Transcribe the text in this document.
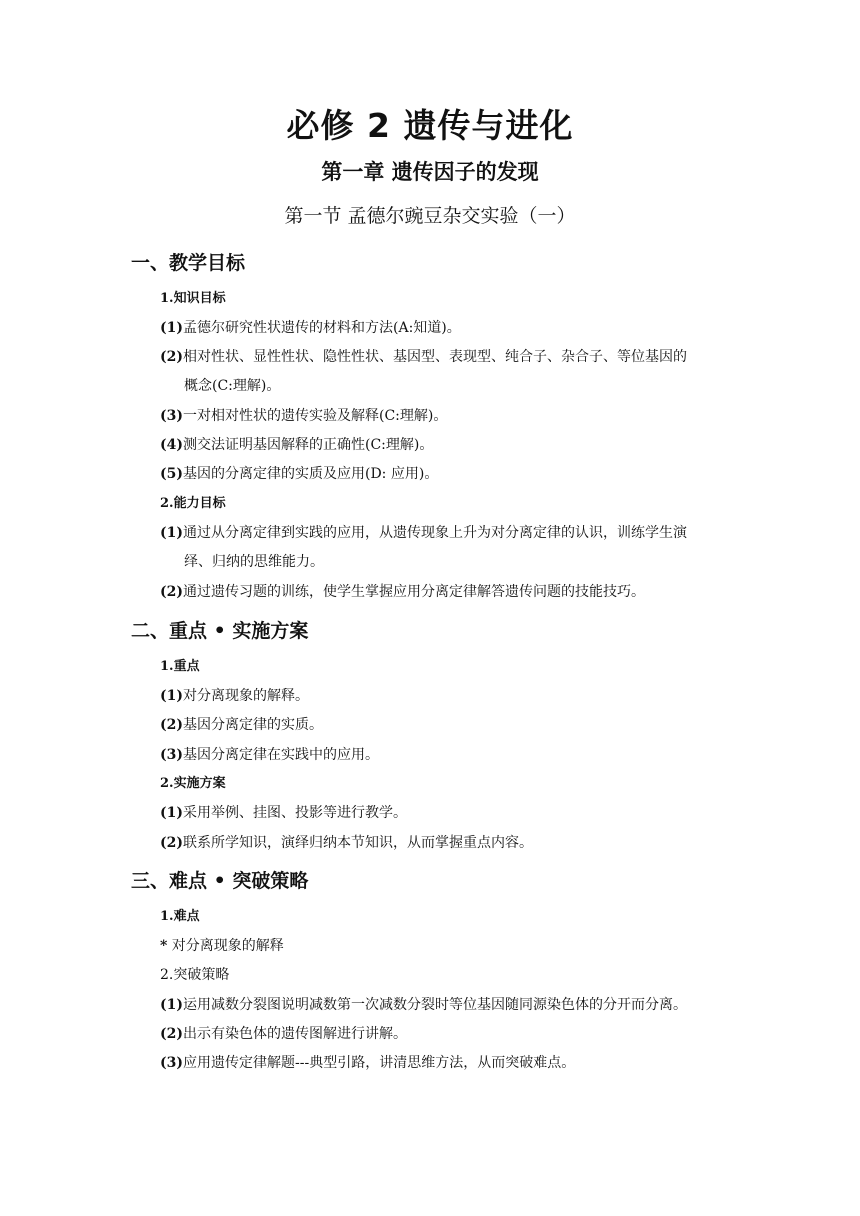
必修 2 遗传与进化
第一章 遗传因子的发现
第一节 孟德尔豌豆杂交实验（一）
一、教学目标
1.知识目标
(1)孟德尔研究性状遗传的材料和方法(A:知道)。
(2)相对性状、显性性状、隐性性状、基因型、表现型、纯合子、杂合子、等位基因的
概念(C:理解)。
(3)一对相对性状的遗传实验及解释(C:理解)。
(4)测交法证明基因解释的正确性(C:理解)。
(5)基因的分离定律的实质及应用(D: 应用)。
2.能力目标
(1)通过从分离定律到实践的应用，从遗传现象上升为对分离定律的认识，训练学生演
绎、归纳的思维能力。
(2)通过遗传习题的训练，使学生掌握应用分离定律解答遗传问题的技能技巧。
二、重点 • 实施方案
1.重点
(1)对分离现象的解释。
(2)基因分离定律的实质。
(3)基因分离定律在实践中的应用。
2.实施方案
(1)采用举例、挂图、投影等进行教学。
(2)联系所学知识，演绎归纳本节知识，从而掌握重点内容。
三、难点 • 突破策略
1.难点
* 对分离现象的解释
2.突破策略
(1)运用减数分裂图说明减数第一次减数分裂时等位基因随同源染色体的分开而分离。
(2)出示有染色体的遗传图解进行讲解。
(3)应用遗传定律解题---典型引路，讲清思维方法，从而突破难点。
